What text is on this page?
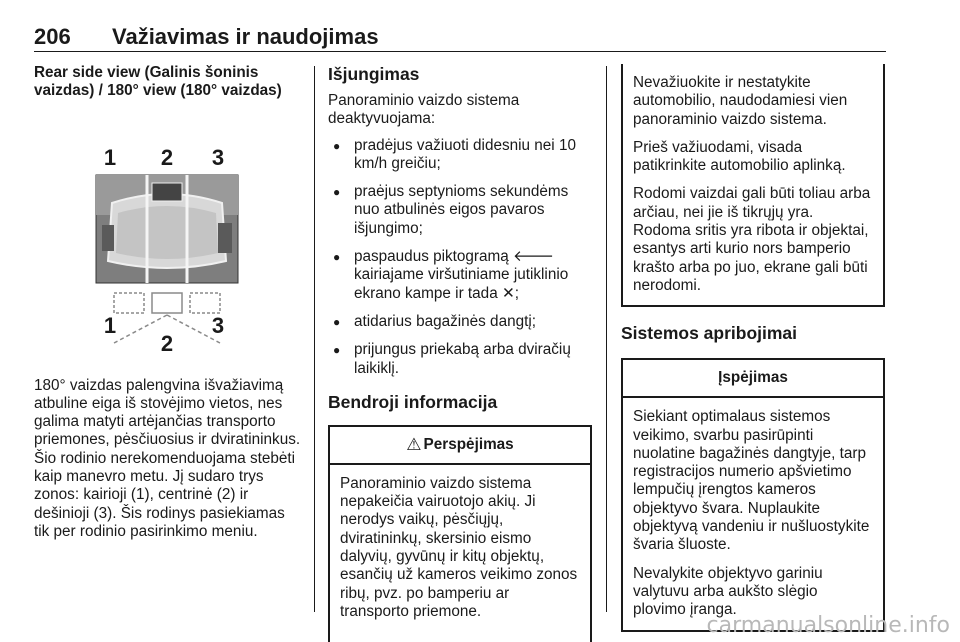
206 Važiavimas ir naudojimas

Rear side view (Galinis šoninis vaizdas) / 180° view (180° vaizdas)

1 2 3
1
2
3

180° vaizdas palengvina išvažiavimą atbuline eiga iš stovėjimo vietos, nes galima matyti artėjančias transporto priemones, pėsčiuosius ir dviratininkus. Šio rodinio nerekomenduojama stebėti kaip manevro metu. Jį sudaro trys zonos: kairioji (1), centrinė (2) ir dešinioji (3). Šis rodinys pasiekiamas tik per rodinio pasirinkimo meniu.

Išjungimas

Panoraminio vaizdo sistema deaktyvuojama:

● pradėjus važiuoti didesniu nei 10 km/h greičiu;
● praėjus septynioms sekundėms nuo atbulinės eigos pavaros išjungimo;
● paspaudus piktogramą 🡐 kairiajame viršutiniame jutiklinio ekrano kampe ir tada ✕;
● atidarius bagažinės dangtį;
● prijungus priekabą arba dviračių laikiklį.

Bendroji informacija

⚠ Perspėjimas

Panoraminio vaizdo sistema nepakeičia vairuotojo akių. Ji nerodys vaikų, pėsčiųjų, dviratininkų, skersinio eismo dalyvių, gyvūnų ir kitų objektų, esančių už kameros veikimo zonos ribų, pvz. po bamperiu ar transporto priemone.

Nevažiuokite ir nestatykite automobilio, naudodamiesi vien panoraminio vaizdo sistema.

Prieš važiuodami, visada patikrinkite automobilio aplinką.

Rodomi vaizdai gali būti toliau arba arčiau, nei jie iš tikrųjų yra. Rodoma sritis yra ribota ir objektai, esantys arti kurio nors bamperio krašto arba po juo, ekrane gali būti nerodomi.

Sistemos apribojimai

Įspėjimas

Siekiant optimalaus sistemos veikimo, svarbu pasirūpinti nuolatine bagažinės dangtyje, tarp registracijos numerio apšvietimo lempučių įrengtos kameros objektyvo švara. Nuplaukite objektyvą vandeniu ir nušluostykite švaria šluoste.

Nevalykite objektyvo gariniu valytuvu arba aukšto slėgio plovimo įranga.

carmanualsonline.info
